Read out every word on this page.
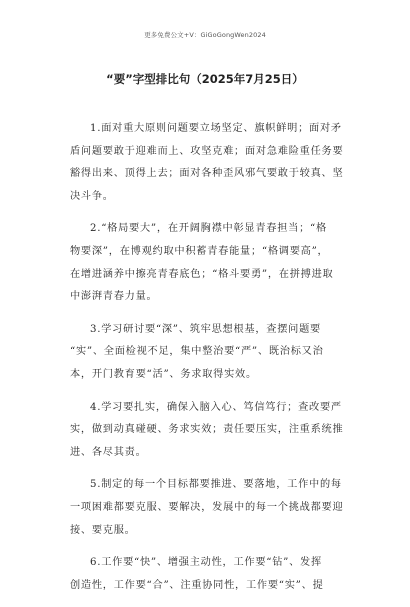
更多免费公文+V：GiGoGongWen2024
“要”字型排比句（2025年7月25日）
1.面对重大原则问题要立场坚定、旗帜鲜明；面对矛
盾问题要敢于迎难而上、攻坚克难；面对急难险重任务要
豁得出来、顶得上去；面对各种歪风邪气要敢于较真、坚
决斗争。
2.“格局要大”，在开阔胸襟中彰显青春担当；“格
物要深”，在博观约取中积蓄青春能量；“格调要高”，
在增进涵养中擦亮青春底色；“格斗要勇”，在拼搏进取
中澎湃青春力量。
3.学习研讨要“深”、筑牢思想根基，查摆问题要
“实”、全面检视不足，集中整治要“严”、既治标又治
本，开门教育要“活”、务求取得实效。
4.学习要扎实，确保入脑入心、笃信笃行；查改要严
实，做到动真碰硬、务求实效；责任要压实，注重系统推
进、各尽其责。
5.制定的每一个目标都要推进、要落地，工作中的每
一项困难都要克服、要解决，发展中的每一个挑战都要迎
接、要克服。
6.工作要“快”、增强主动性，工作要“钻”、发挥
创造性，工作要“合”、注重协同性，工作要“实”、提
